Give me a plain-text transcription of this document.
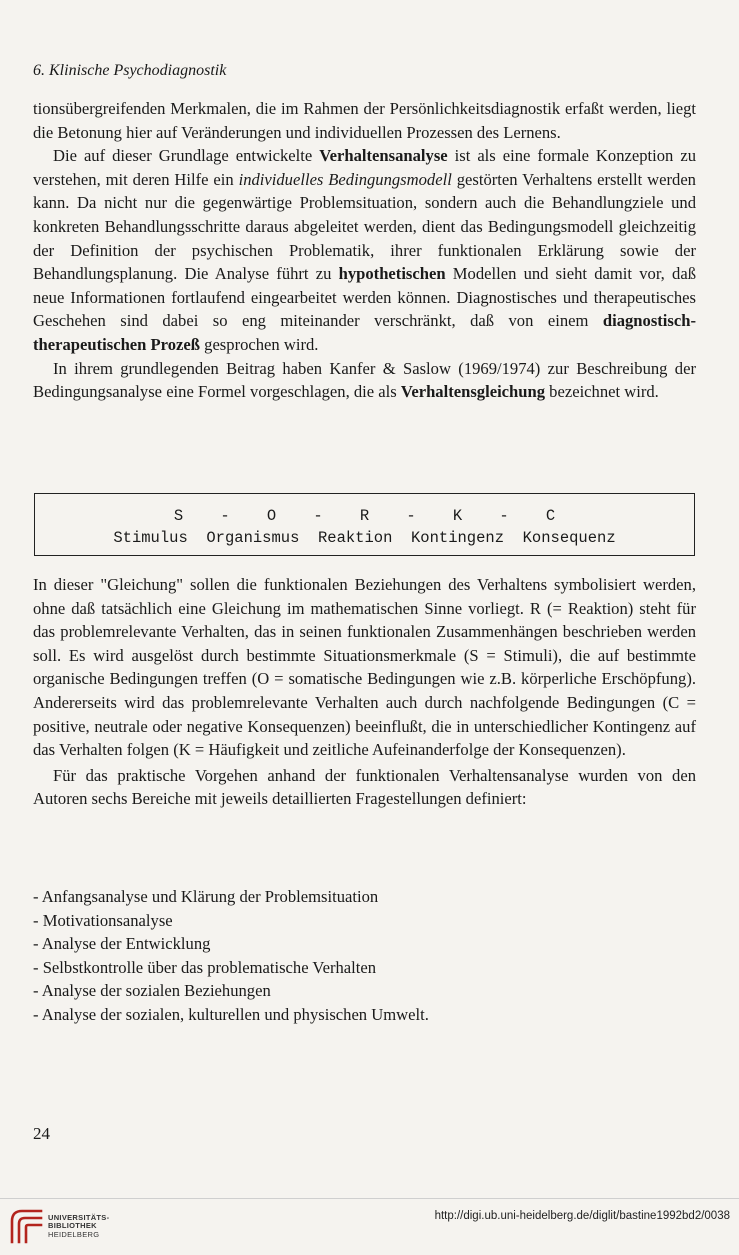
6. Klinische Psychodiagnostik

tionsübergreifenden Merkmalen, die im Rahmen der Persönlichkeitsdiagnostik erfaßt werden, liegt die Betonung hier auf Veränderungen und individuellen Prozessen des Lernens.

Die auf dieser Grundlage entwickelte Verhaltensanalyse ist als eine formale Konzeption zu verstehen, mit deren Hilfe ein individuelles Bedingungsmodell gestörten Verhaltens erstellt werden kann. Da nicht nur die gegenwärtige Problemsituation, sondern auch die Behandlungziele und konkreten Behandlungsschritte daraus abgeleitet werden, dient das Bedingungsmodell gleichzeitig der Definition der psychischen Problematik, ihrer funktionalen Erklärung sowie der Behandlungsplanung. Die Analyse führt zu hypothetischen Modellen und sieht damit vor, daß neue Informationen fortlaufend eingearbeitet werden können. Diagnostisches und therapeutisches Geschehen sind dabei so eng miteinander verschränkt, daß von einem diagnostisch-therapeutischen Prozeß gesprochen wird.

In ihrem grundlegenden Beitrag haben Kanfer & Saslow (1969/1974) zur Beschreibung der Bedingungsanalyse eine Formel vorgeschlagen, die als Verhaltensgleichung bezeichnet wird.

S    -    O    -    R    -    K    -    C
Stimulus  Organismus  Reaktion  Kontingenz  Konsequenz

In dieser "Gleichung" sollen die funktionalen Beziehungen des Verhaltens symbolisiert werden, ohne daß tatsächlich eine Gleichung im mathematischen Sinne vorliegt. R (= Reaktion) steht für das problemrelevante Verhalten, das in seinen funktionalen Zusammenhängen beschrieben werden soll. Es wird ausgelöst durch bestimmte Situationsmerkmale (S = Stimuli), die auf bestimmte organische Bedingungen treffen (O = somatische Bedingungen wie z.B. körperliche Erschöpfung). Andererseits wird das problemrelevante Verhalten auch durch nachfolgende Bedingungen (C = positive, neutrale oder negative Konsequenzen) beeinflußt, die in unterschiedlicher Kontingenz auf das Verhalten folgen (K = Häufigkeit und zeitliche Aufeinanderfolge der Konsequenzen).

Für das praktische Vorgehen anhand der funktionalen Verhaltensanalyse wurden von den Autoren sechs Bereiche mit jeweils detaillierten Fragestellungen definiert:

- Anfangsanalyse und Klärung der Problemsituation
- Motivationsanalyse
- Analyse der Entwicklung
- Selbstkontrolle über das problematische Verhalten
- Analyse der sozialen Beziehungen
- Analyse der sozialen, kulturellen und physischen Umwelt.
24
UNIVERSITÄTS-
BIBLIOTHEK
HEIDELBERG
http://digi.ub.uni-heidelberg.de/diglit/bastine1992bd2/0038
